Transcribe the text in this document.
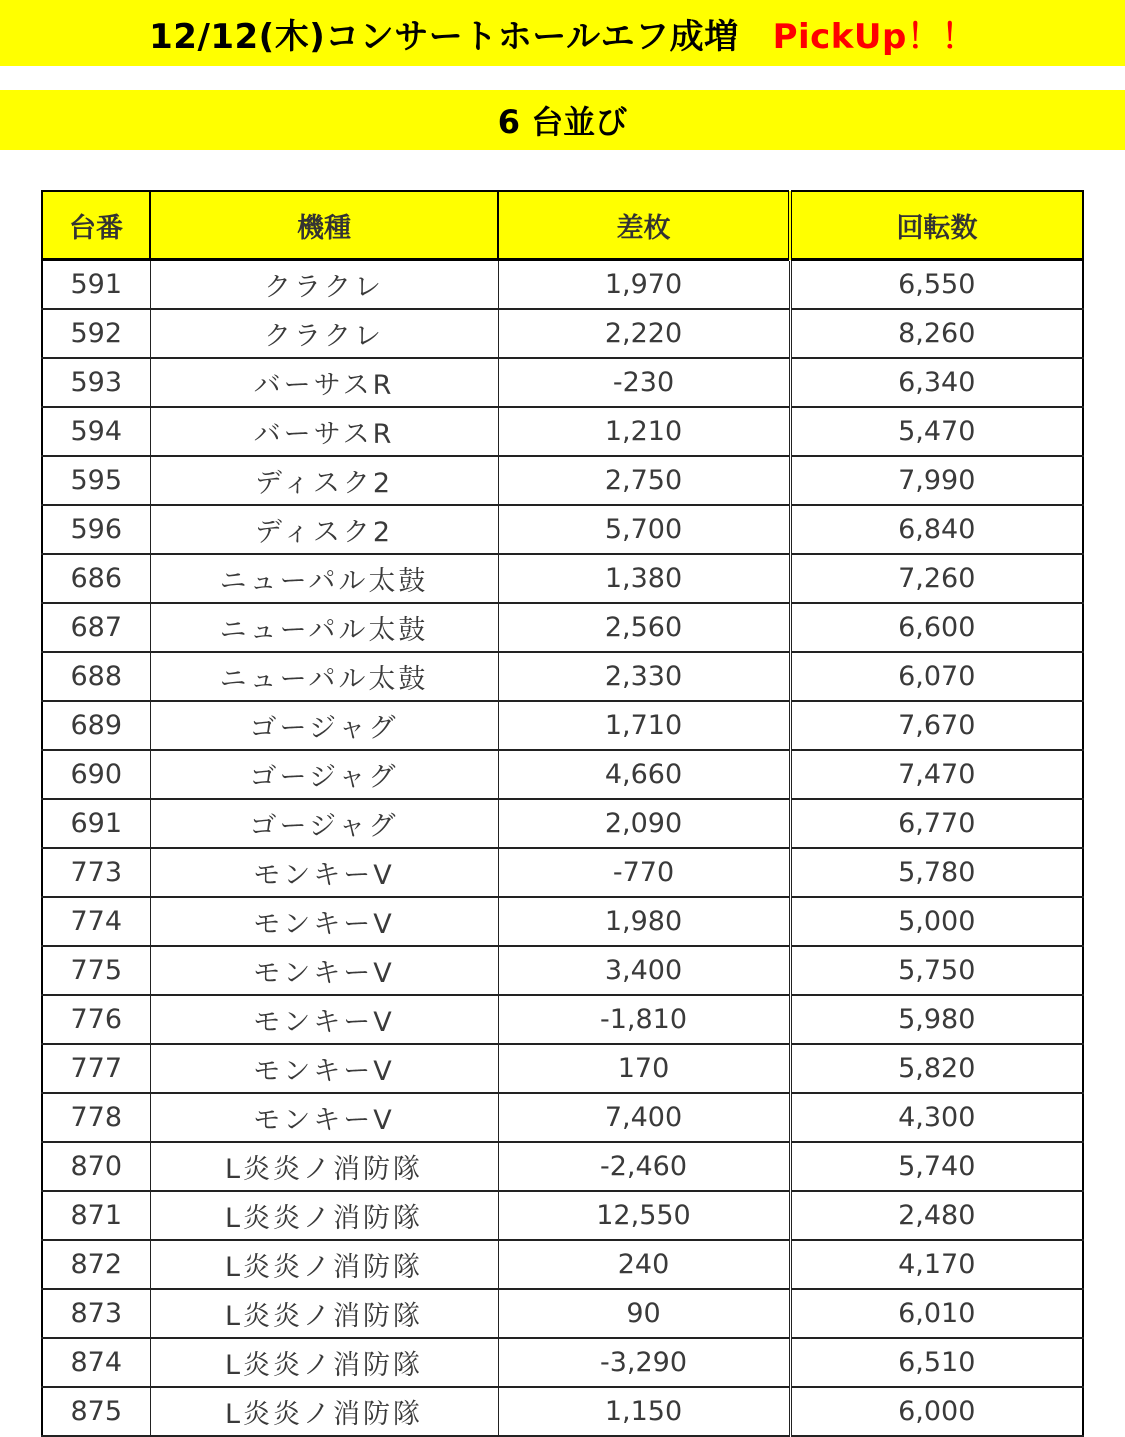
12/12(木)コンサートホールエフ成増 PickUp！！
6 台並び
台番	機種	差枚	回転数
591	クラクレ	1,970	6,550
592	クラクレ	2,220	8,260
593	バーサスR	-230	6,340
594	バーサスR	1,210	5,470
595	ディスク2	2,750	7,990
596	ディスク2	5,700	6,840
686	ニューパル太鼓	1,380	7,260
687	ニューパル太鼓	2,560	6,600
688	ニューパル太鼓	2,330	6,070
689	ゴージャグ	1,710	7,670
690	ゴージャグ	4,660	7,470
691	ゴージャグ	2,090	6,770
773	モンキーV	-770	5,780
774	モンキーV	1,980	5,000
775	モンキーV	3,400	5,750
776	モンキーV	-1,810	5,980
777	モンキーV	170	5,820
778	モンキーV	7,400	4,300
870	L炎炎ノ消防隊	-2,460	5,740
871	L炎炎ノ消防隊	12,550	2,480
872	L炎炎ノ消防隊	240	4,170
873	L炎炎ノ消防隊	90	6,010
874	L炎炎ノ消防隊	-3,290	6,510
875	L炎炎ノ消防隊	1,150	6,000
